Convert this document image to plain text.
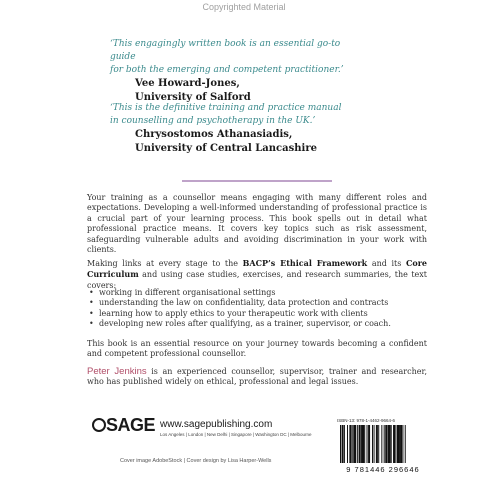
Copyrighted Material
‘This engagingly written book is an essential go-to guide
for both the emerging and competent practitioner.’
Vee Howard-Jones,
University of Salford
‘This is the definitive training and practice manual
in counselling and psychotherapy in the UK.’
Chrysostomos Athanasiadis,
University of Central Lancashire
Your training as a counsellor means engaging with many different roles and expectations. Developing a well-informed understanding of professional practice is a crucial part of your learning process. This book spells out in detail what professional practice means. It covers key topics such as risk assessment, safeguarding vulnerable adults and avoiding discrimination in your work with clients.
Making links at every stage to the BACP’s Ethical Framework and its Core Curriculum and using case studies, exercises, and research summaries, the text covers:
• working in different organisational settings
• understanding the law on confidentiality, data protection and contracts
• learning how to apply ethics to your therapeutic work with clients
• developing new roles after qualifying, as a trainer, supervisor, or coach.
This book is an essential resource on your journey towards becoming a confident and competent professional counsellor.
Peter Jenkins is an experienced counsellor, supervisor, trainer and researcher, who has published widely on ethical, professional and legal issues.
SAGE www.sagepublishing.com
Los Angeles | London | New Delhi | Singapore | Washington DC | Melbourne
Cover image AdobeStock | Cover design by Lisa Harper-Wells
ISBN-13: 978-1-4462-9664-6
9 781446 296646
